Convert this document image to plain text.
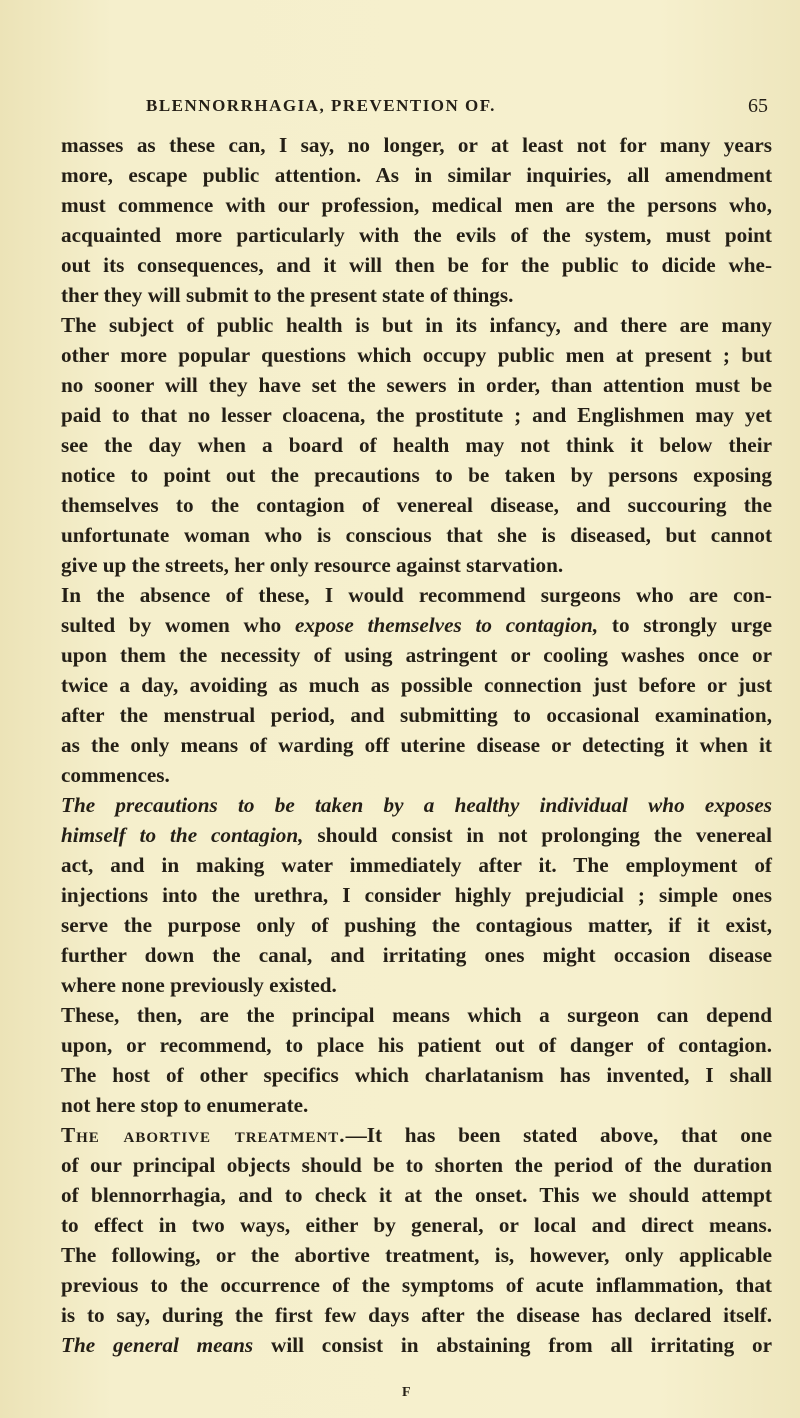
BLENNORRHAGIA, PREVENTION OF.	65

masses as these can, I say, no longer, or at least not for many years
more, escape public attention. As in similar inquiries, all amendment
must commence with our profession, medical men are the persons who,
acquainted more particularly with the evils of the system, must point
out its consequences, and it will then be for the public to dicide whe-
ther they will submit to the present state of things.

The subject of public health is but in its infancy, and there are many
other more popular questions which occupy public men at present ; but
no sooner will they have set the sewers in order, than attention must be
paid to that no lesser cloacena, the prostitute ; and Englishmen may yet
see the day when a board of health may not think it below their
notice to point out the precautions to be taken by persons exposing
themselves to the contagion of venereal disease, and succouring the
unfortunate woman who is conscious that she is diseased, but cannot
give up the streets, her only resource against starvation.

In the absence of these, I would recommend surgeons who are con-
sulted by women who expose themselves to contagion, to strongly urge
upon them the necessity of using astringent or cooling washes once or
twice a day, avoiding as much as possible connection just before or just
after the menstrual period, and submitting to occasional examination,
as the only means of warding off uterine disease or detecting it when it
commences.

The precautions to be taken by a healthy individual who exposes
himself to the contagion, should consist in not prolonging the venereal
act, and in making water immediately after it. The employment of
injections into the urethra, I consider highly prejudicial ; simple ones
serve the purpose only of pushing the contagious matter, if it exist,
further down the canal, and irritating ones might occasion disease
where none previously existed.

These, then, are the principal means which a surgeon can depend
upon, or recommend, to place his patient out of danger of contagion.
The host of other specifics which charlatanism has invented, I shall
not here stop to enumerate.

The abortive treatment.—It has been stated above, that one
of our principal objects should be to shorten the period of the duration
of blennorrhagia, and to check it at the onset. This we should attempt
to effect in two ways, either by general, or local and direct means.
The following, or the abortive treatment, is, however, only applicable
previous to the occurrence of the symptoms of acute inflammation, that
is to say, during the first few days after the disease has declared itself.
The general means will consist in abstaining from all irritating or

F
